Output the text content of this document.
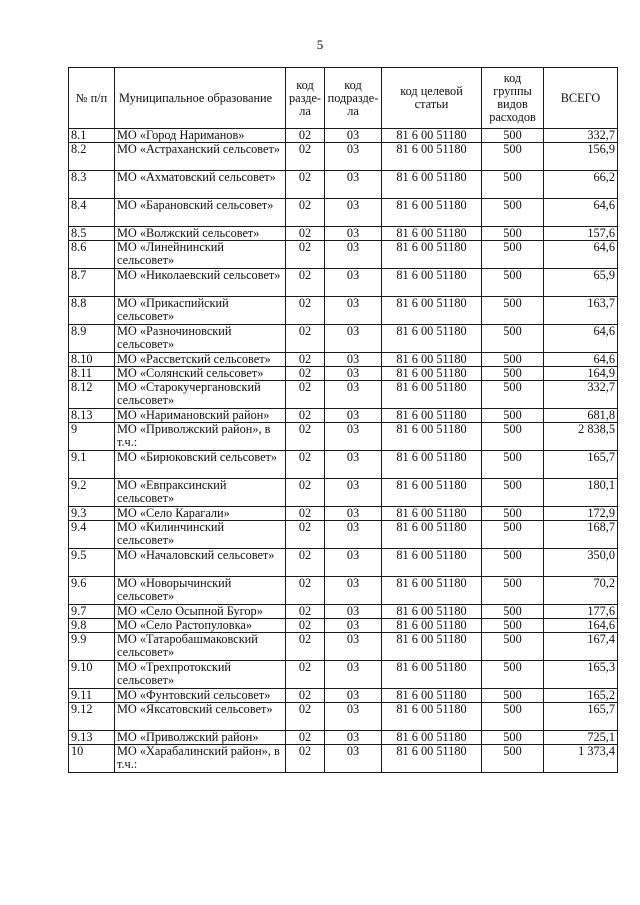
5
№ п/п	Муниципальное образование	код разде-ла	код подразде-ла	код целевой статьи	код группы видов расходов	ВСЕГО
8.1	МО «Город Нариманов»	02	03	81 6 00 51180	500	332,7
8.2	МО «Астраханский сельсовет»	02	03	81 6 00 51180	500	156,9
8.3	МО «Ахматовский сельсовет»	02	03	81 6 00 51180	500	66,2
8.4	МО «Барановский сельсовет»	02	03	81 6 00 51180	500	64,6
8.5	МО «Волжский сельсовет»	02	03	81 6 00 51180	500	157,6
8.6	МО «Линейнинский сельсовет»	02	03	81 6 00 51180	500	64,6
8.7	МО «Николаевский сельсовет»	02	03	81 6 00 51180	500	65,9
8.8	МО «Прикаспийский сельсовет»	02	03	81 6 00 51180	500	163,7
8.9	МО «Разночиновский сельсовет»	02	03	81 6 00 51180	500	64,6
8.10	МО «Рассветский сельсовет»	02	03	81 6 00 51180	500	64,6
8.11	МО «Солянский сельсовет»	02	03	81 6 00 51180	500	164,9
8.12	МО «Старокучергановский сельсовет»	02	03	81 6 00 51180	500	332,7
8.13	МО «Наримановский район»	02	03	81 6 00 51180	500	681,8
9	МО «Приволжский район», в т.ч.:	02	03	81 6 00 51180	500	2 838,5
9.1	МО «Бирюковский сельсовет»	02	03	81 6 00 51180	500	165,7
9.2	МО «Евпраксинский сельсовет»	02	03	81 6 00 51180	500	180,1
9.3	МО «Село Карагали»	02	03	81 6 00 51180	500	172,9
9.4	МО «Килинчинский сельсовет»	02	03	81 6 00 51180	500	168,7
9.5	МО «Началовский сельсовет»	02	03	81 6 00 51180	500	350,0
9.6	МО «Новорычинский сельсовет»	02	03	81 6 00 51180	500	70,2
9.7	МО «Село Осыпной Бугор»	02	03	81 6 00 51180	500	177,6
9.8	МО «Село Растопуловка»	02	03	81 6 00 51180	500	164,6
9.9	МО «Татаробашмаковский сельсовет»	02	03	81 6 00 51180	500	167,4
9.10	МО «Трехпротокский сельсовет»	02	03	81 6 00 51180	500	165,3
9.11	МО «Фунтовский сельсовет»	02	03	81 6 00 51180	500	165,2
9.12	МО «Яксатовский сельсовет»	02	03	81 6 00 51180	500	165,7
9.13	МО «Приволжский район»	02	03	81 6 00 51180	500	725,1
10	МО «Харабалинский район», в т.ч.:	02	03	81 6 00 51180	500	1 373,4
